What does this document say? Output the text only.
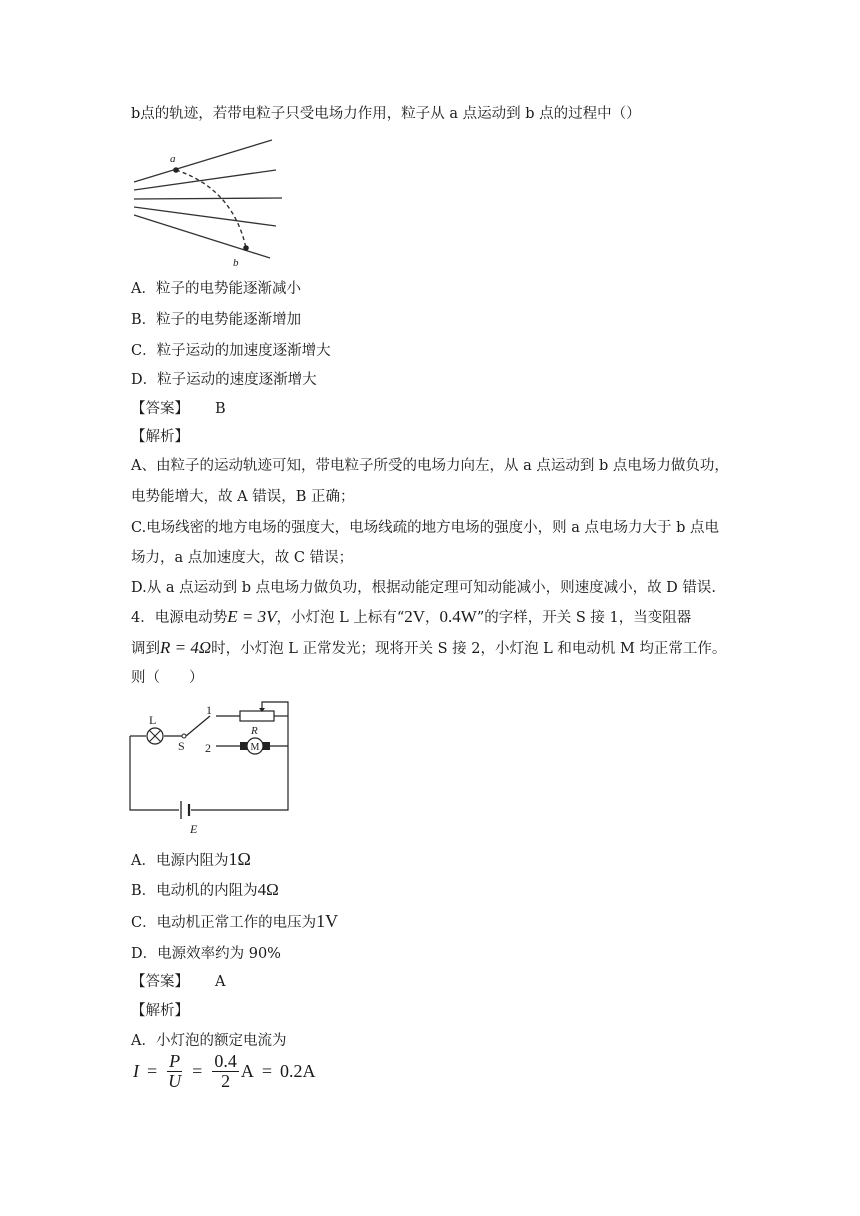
b点的轨迹，若带电粒子只受电场力作用，粒子从 a 点运动到 b 点的过程中（）
a
b
A．粒子的电势能逐渐减小
B．粒子的电势能逐渐增加
C．粒子运动的加速度逐渐增大
D．粒子运动的速度逐渐增大
【答案】 B
【解析】
A、由粒子的运动轨迹可知，带电粒子所受的电场力向左，从 a 点运动到 b 点电场力做负功，
电势能增大，故 A 错误，B 正确；
C.电场线密的地方电场的强度大，电场线疏的地方电场的强度小，则 a 点电场力大于 b 点电
场力，a 点加速度大，故 C 错误；
D.从 a 点运动到 b 点电场力做负功，根据动能定理可知动能减小，则速度减小，故 D 错误.
4．电源电动势E = 3V，小灯泡 L 上标有“2V，0.4W”的字样，开关 S 接 1，当变阻器
调到R = 4Ω时，小灯泡 L 正常发光；现将开关 S 接 2，小灯泡 L 和电动机 M 均正常工作。
则（　　）
L
S
1
2
R
M
E
A．电源内阻为1Ω
B．电动机的内阻为4Ω
C．电动机正常工作的电压为1V
D．电源效率约为 90%
【答案】 A
【解析】
A．小灯泡的额定电流为
$I = \frac{P}{U} = \frac{0.4}{2}$ A = 0.2A
